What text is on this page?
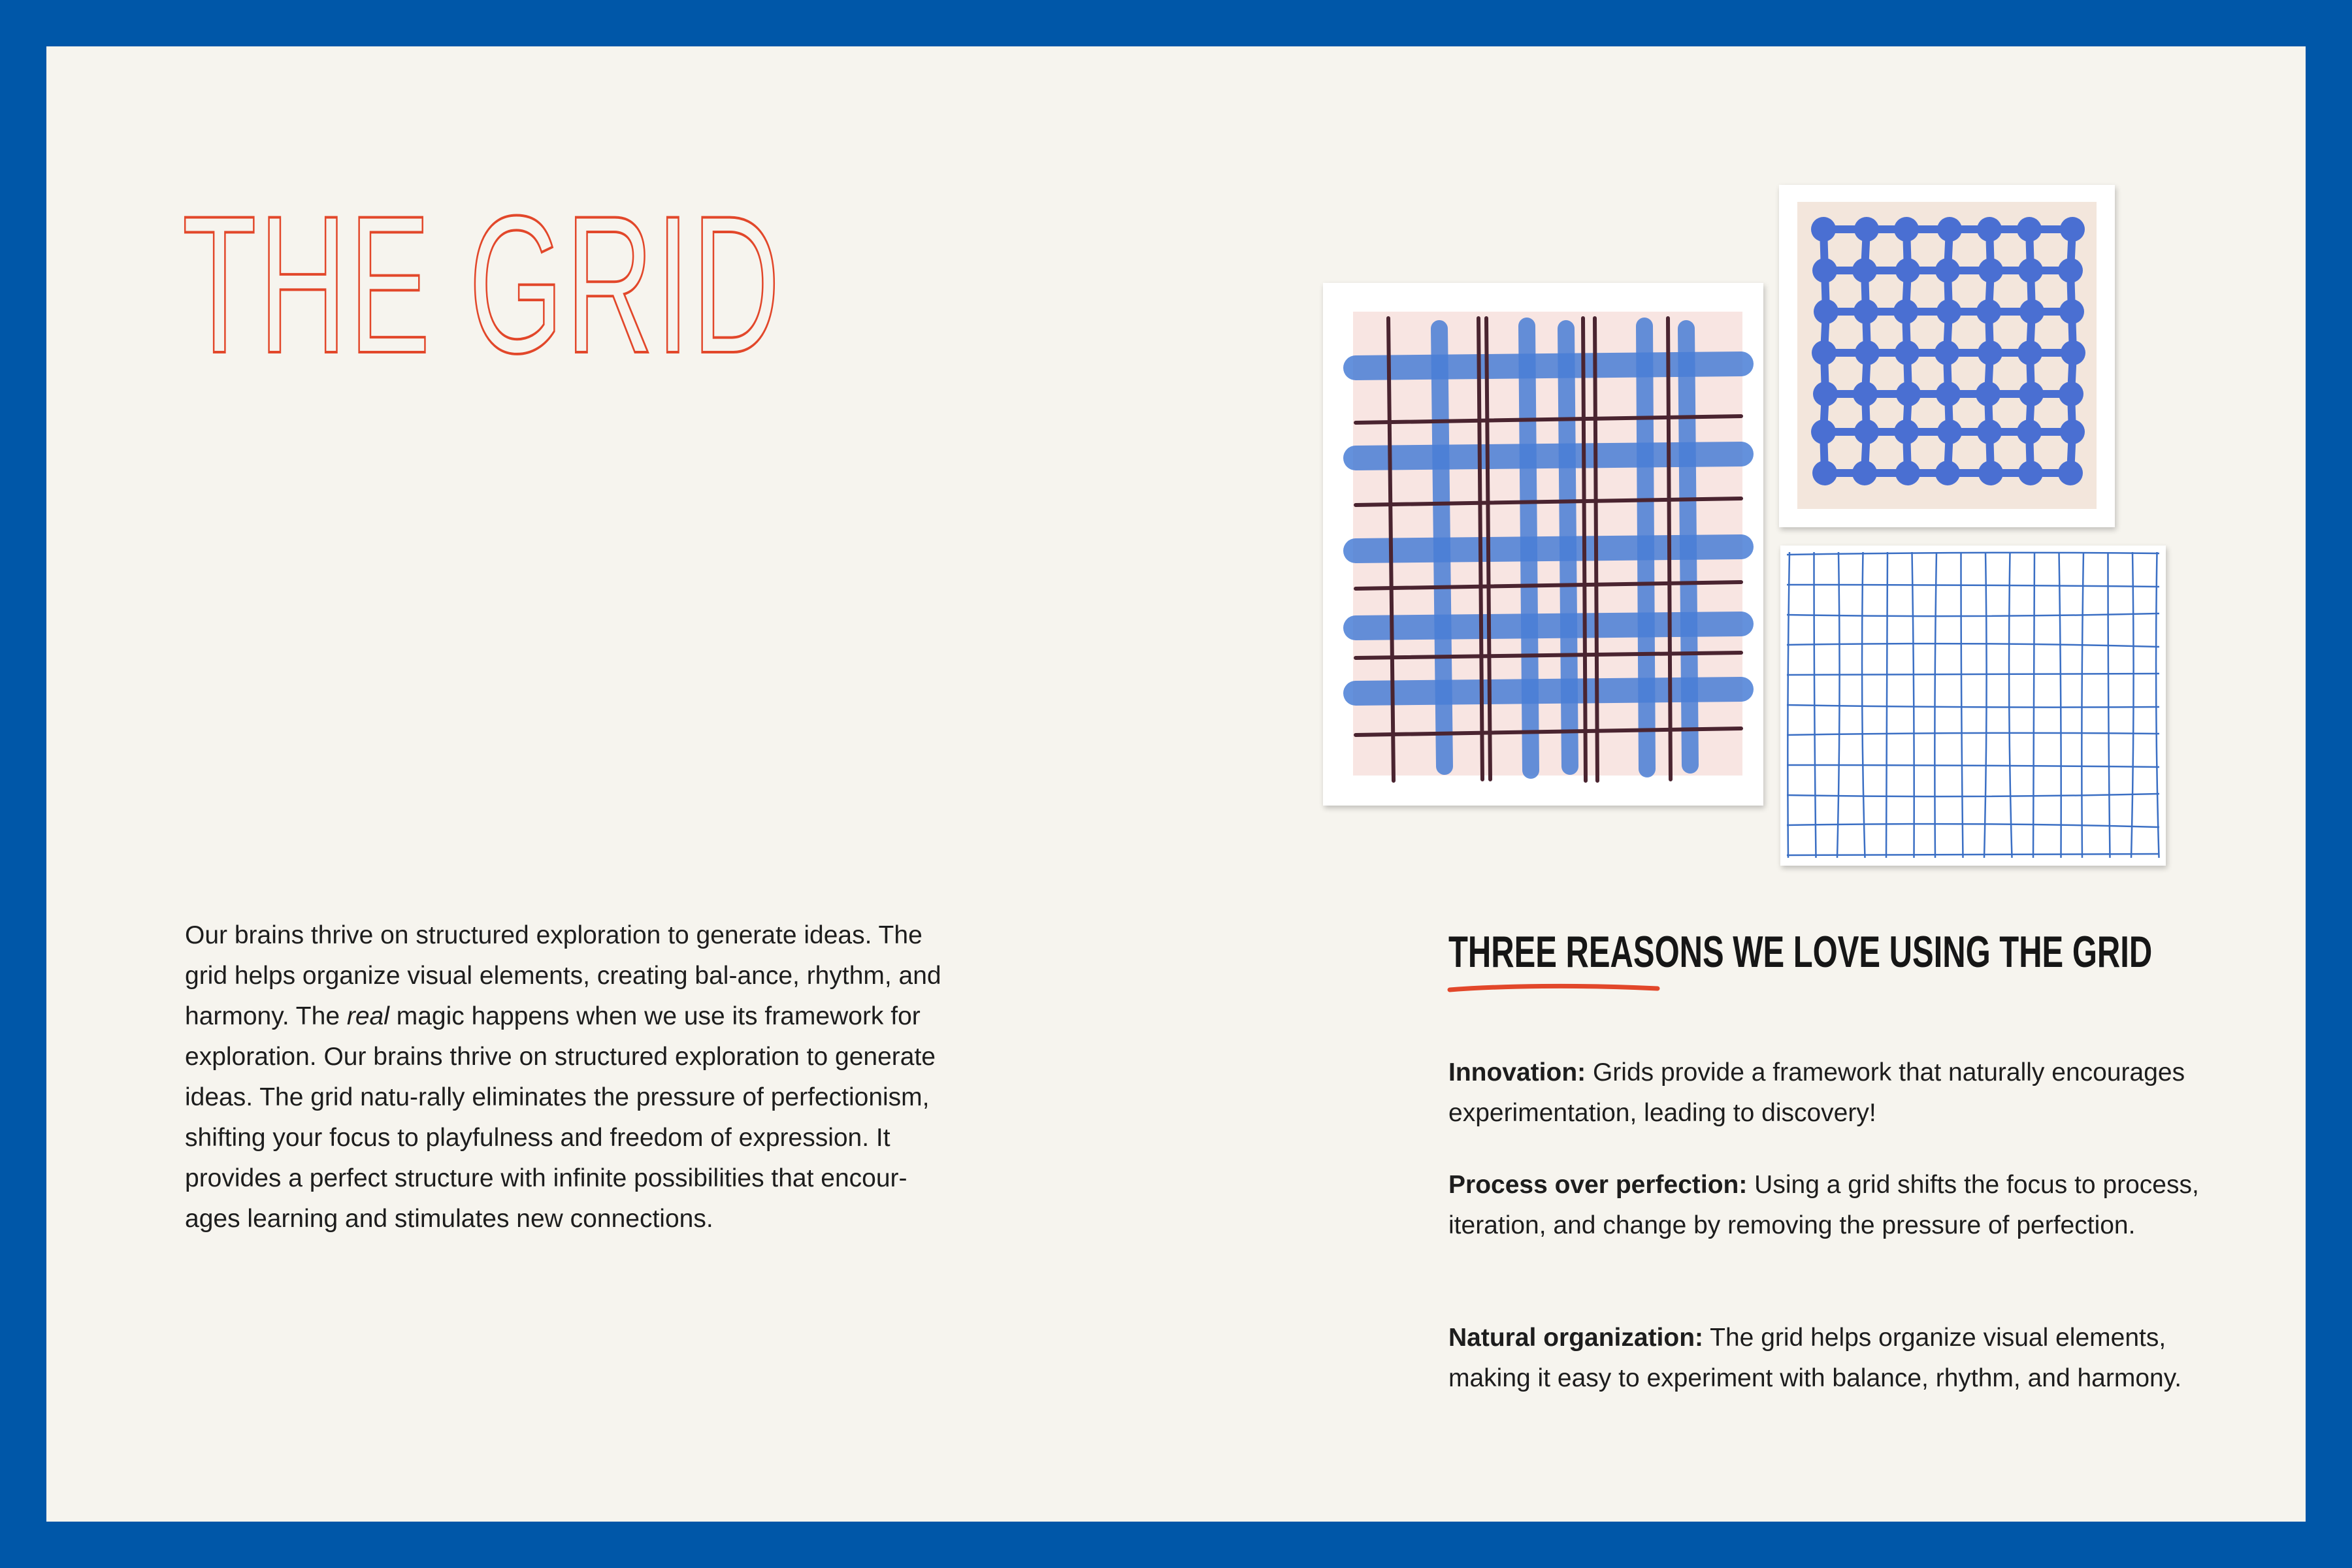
THE GRID

Our brains thrive on structured exploration to generate ideas. The grid helps organize visual elements, creating bal-ance, rhythm, and harmony. The real magic happens when we use its framework for exploration. Our brains thrive on structured exploration to generate ideas. The grid natu-rally eliminates the pressure of perfectionism, shifting your focus to playfulness and freedom of expression. It provides a perfect structure with infinite possibilities that encour-ages learning and stimulates new connections.

THREE REASONS WE LOVE USING THE GRID

Innovation: Grids provide a framework that naturally encourages experimentation, leading to discovery!

Process over perfection: Using a grid shifts the focus to process, iteration, and change by removing the pressure of perfection.

Natural organization: The grid helps organize visual elements, making it easy to experiment with balance, rhythm, and harmony.
